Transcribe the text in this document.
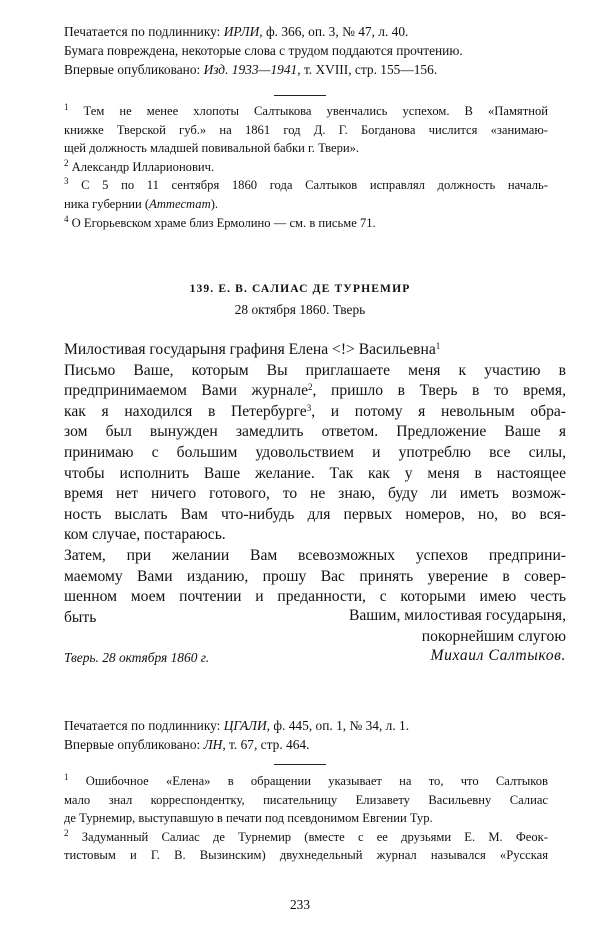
Печатается по подлиннику: ИРЛИ, ф. 366, оп. 3, № 47, л. 40.
Бумага повреждена, некоторые слова с трудом поддаются прочтению.
Впервые опубликовано: Изд. 1933—1941, т. XVIII, стр. 155—156.
$^1$ Тем не менее хлопоты Салтыкова увенчались успехом. В «Памятной
книжке Тверской губ.» на 1861 год Д. Г. Богданова числится «занимаю-
щей должность младшей повивальной бабки г. Твери».
$^2$ Александр Илларионович.
$^3$ С 5 по 11 сентября 1860 года Салтыков исправлял должность началь-
ника губернии (Аттестат).
$^4$ О Егорьевском храме близ Ермолино — см. в письме 71.
139. Е. В. САЛИАС ДЕ ТУРНЕМИР
28 октября 1860. Тверь
Милостивая государыня графиня Елена <!> Васильевна$^1$
Письмо Ваше, которым Вы приглашаете меня к участию в
предпринимаемом Вами журнале$^2$, пришло в Тверь в то время,
как я находился в Петербурге$^3$, и потому я невольным обра-
зом был вынужден замедлить ответом. Предложение Ваше я
принимаю с большим удовольствием и употреблю все силы,
чтобы исполнить Ваше желание. Так как у меня в настоящее
время нет ничего готового, то не знаю, буду ли иметь возмож-
ность выслать Вам что-нибудь для первых номеров, но, во вся-
ком случае, постараюсь.
Затем, при желании Вам всевозможных успехов предприни-
маемому Вами изданию, прошу Вас принять уверение в совер-
шенном моем почтении и преданности, с которыми имею честь
быть	Вашим, милостивая государыня,
покорнейшим слугою
Тверь. 28 октября 1860 г.	Михаил Салтыков.
Печатается по подлиннику: ЦГАЛИ, ф. 445, оп. 1, № 34, л. 1.
Впервые опубликовано: ЛН, т. 67, стр. 464.
$^1$ Ошибочное «Елена» в обращении указывает на то, что Салтыков
мало знал корреспондентку, писательницу Елизавету Васильевну Салиас
де Турнемир, выступавшую в печати под псевдонимом Евгении Тур.
$^2$ Задуманный Салиас де Турнемир (вместе с ее друзьями Е. М. Феок-
тистовым и Г. В. Вызинским) двухнедельный журнал назывался «Русская
233
